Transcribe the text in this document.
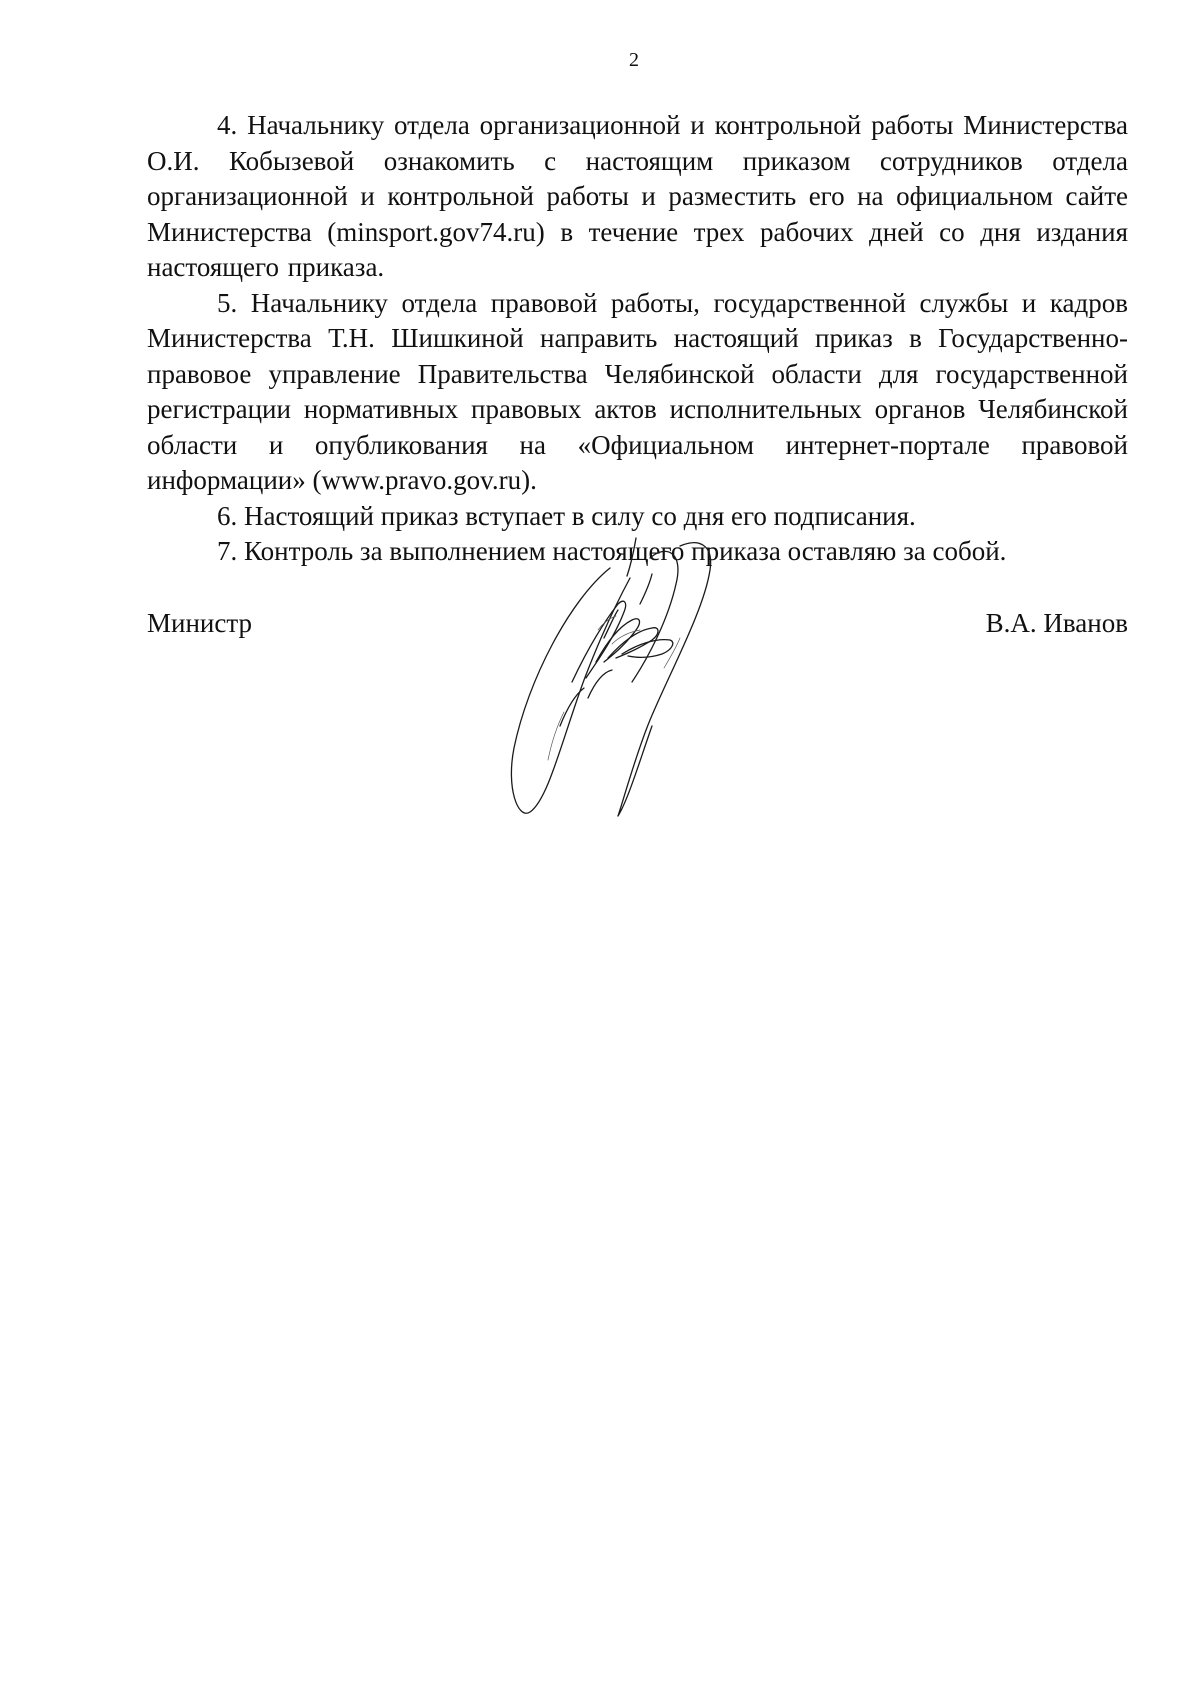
2

4. Начальнику отдела организационной и контрольной работы Министерства О.И. Кобызевой ознакомить с настоящим приказом сотрудников отдела организационной и контрольной работы и разместить его на официальном сайте Министерства (minsport.gov74.ru) в течение трех рабочих дней со дня издания настоящего приказа.

5. Начальнику отдела правовой работы, государственной службы и кадров Министерства Т.Н. Шишкиной направить настоящий приказ в Государственно-правовое управление Правительства Челябинской области для государственной регистрации нормативных правовых актов исполнительных органов Челябинской области и опубликования на «Официальном интернет-портале правовой информации» (www.pravo.gov.ru).

6. Настоящий приказ вступает в силу со дня его подписания.

7. Контроль за выполнением настоящего приказа оставляю за собой.

Министр	В.А. Иванов
